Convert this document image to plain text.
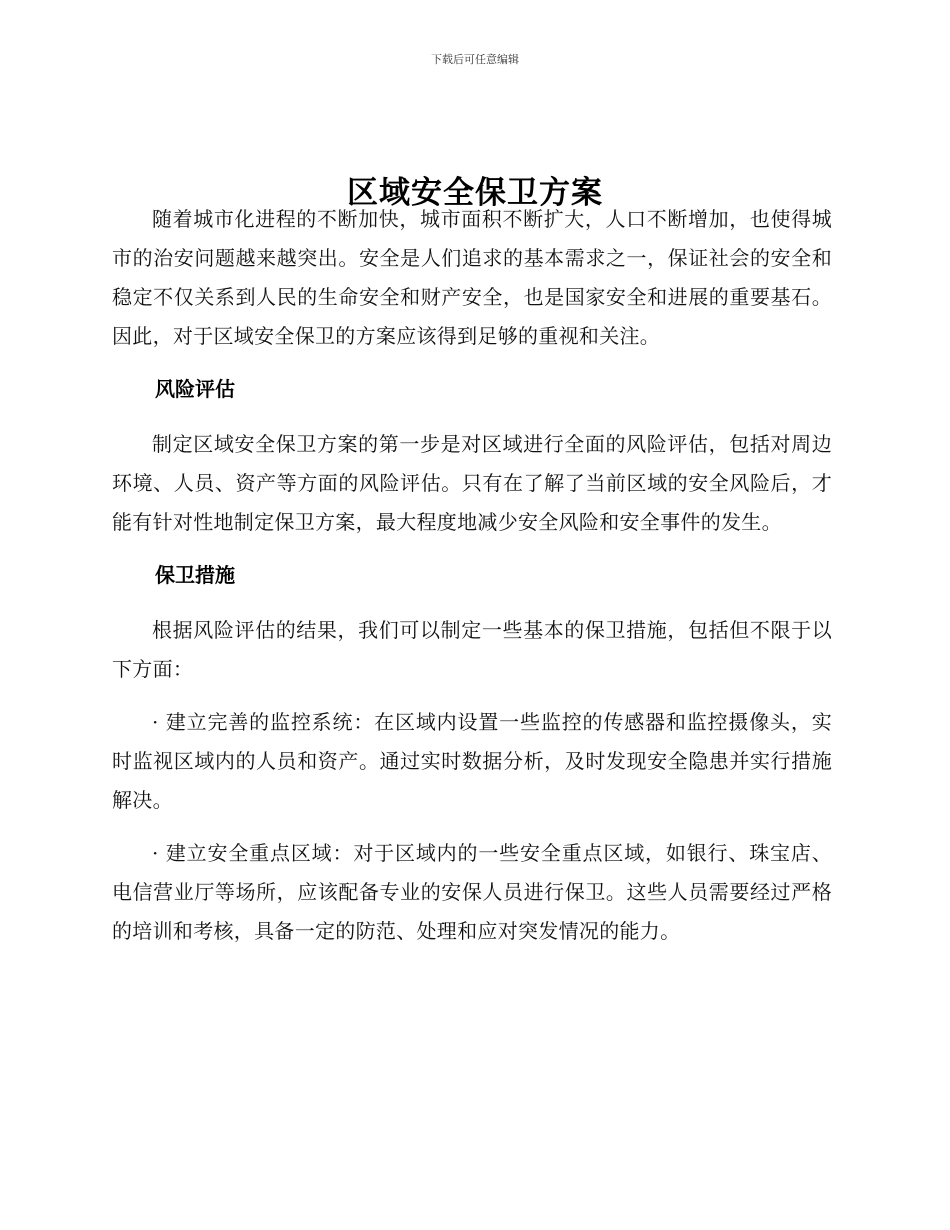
下载后可任意编辑
区域安全保卫方案

随着城市化进程的不断加快，城市面积不断扩大，人口不断增加，也使得城市的治安问题越来越突出。安全是人们追求的基本需求之一，保证社会的安全和稳定不仅关系到人民的生命安全和财产安全，也是国家安全和进展的重要基石。因此，对于区域安全保卫的方案应该得到足够的重视和关注。

风险评估

制定区域安全保卫方案的第一步是对区域进行全面的风险评估，包括对周边环境、人员、资产等方面的风险评估。只有在了解了当前区域的安全风险后，才能有针对性地制定保卫方案，最大程度地减少安全风险和安全事件的发生。

保卫措施

根据风险评估的结果，我们可以制定一些基本的保卫措施，包括但不限于以下方面：

· 建立完善的监控系统：在区域内设置一些监控的传感器和监控摄像头，实时监视区域内的人员和资产。通过实时数据分析，及时发现安全隐患并实行措施解决。

· 建立安全重点区域：对于区域内的一些安全重点区域，如银行、珠宝店、电信营业厅等场所，应该配备专业的安保人员进行保卫。这些人员需要经过严格的培训和考核，具备一定的防范、处理和应对突发情况的能力。
